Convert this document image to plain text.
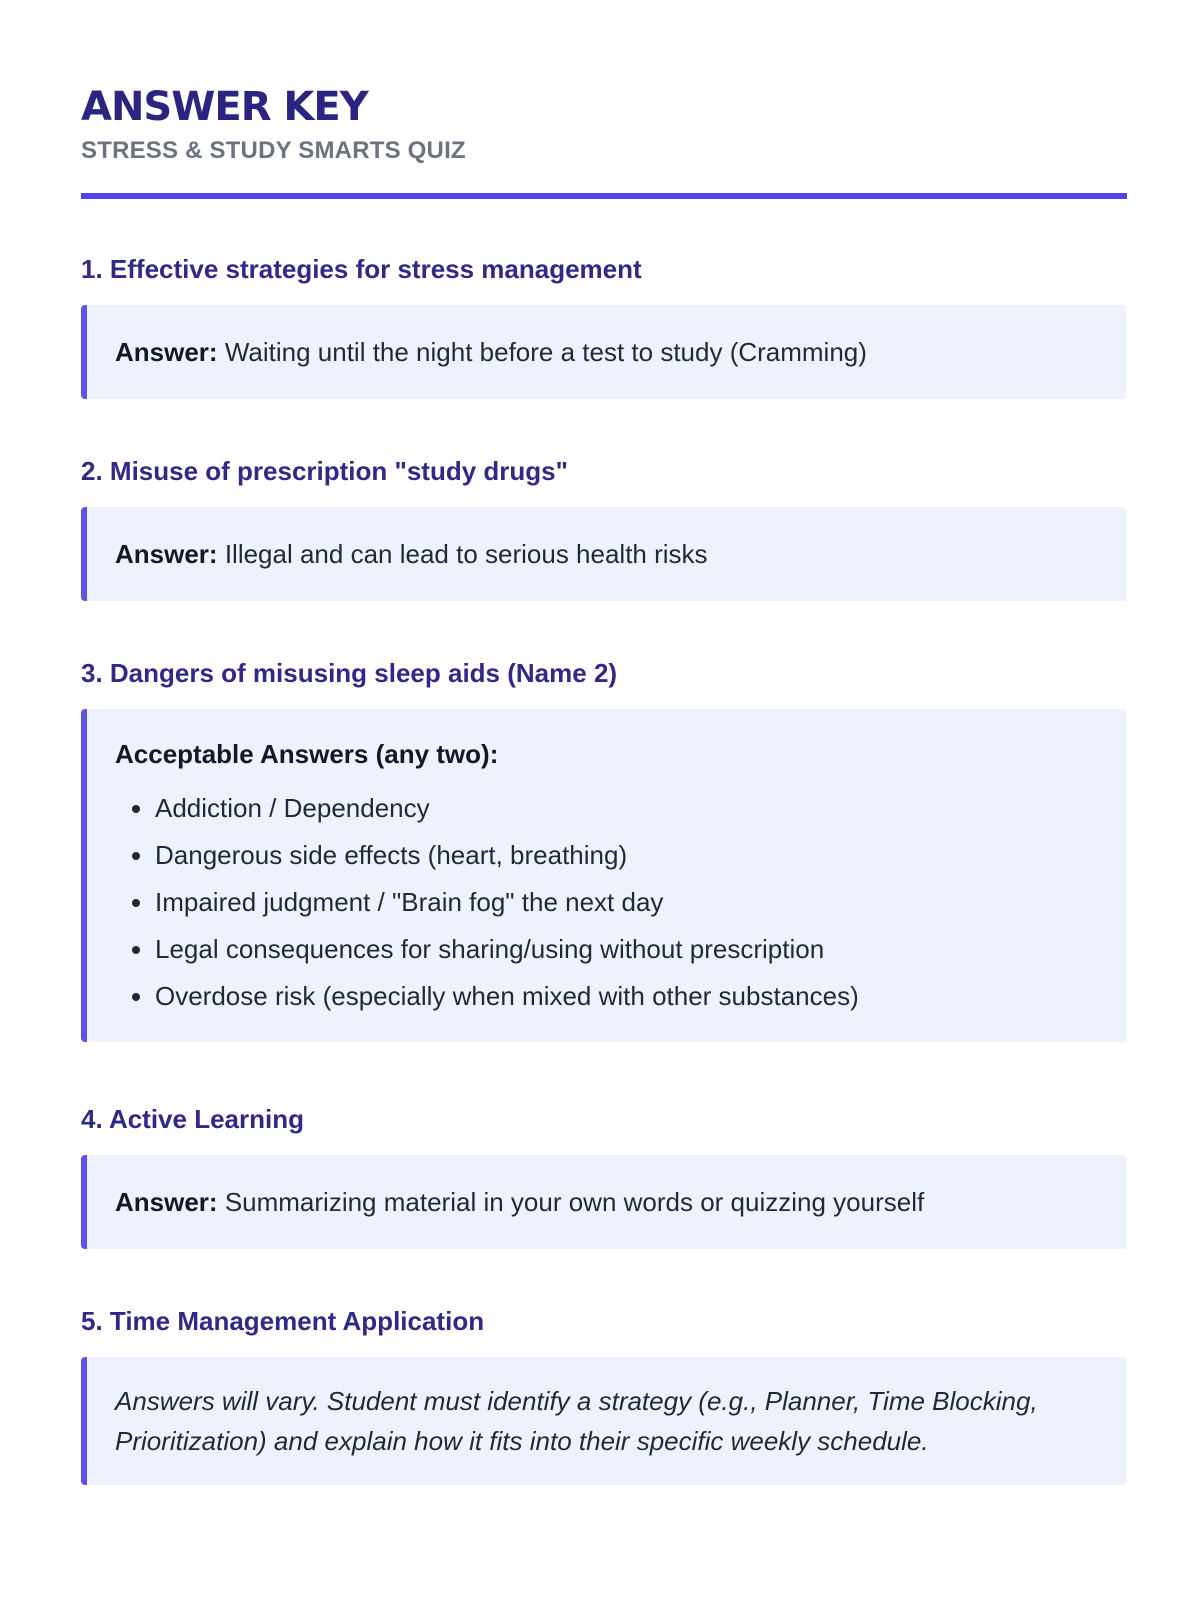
ANSWER KEY
STRESS & STUDY SMARTS QUIZ
1. Effective strategies for stress management
Answer: Waiting until the night before a test to study (Cramming)
2. Misuse of prescription "study drugs"
Answer: Illegal and can lead to serious health risks
3. Dangers of misusing sleep aids (Name 2)
Acceptable Answers (any two):
• Addiction / Dependency
• Dangerous side effects (heart, breathing)
• Impaired judgment / "Brain fog" the next day
• Legal consequences for sharing/using without prescription
• Overdose risk (especially when mixed with other substances)
4. Active Learning
Answer: Summarizing material in your own words or quizzing yourself
5. Time Management Application
Answers will vary. Student must identify a strategy (e.g., Planner, Time Blocking, Prioritization) and explain how it fits into their specific weekly schedule.
